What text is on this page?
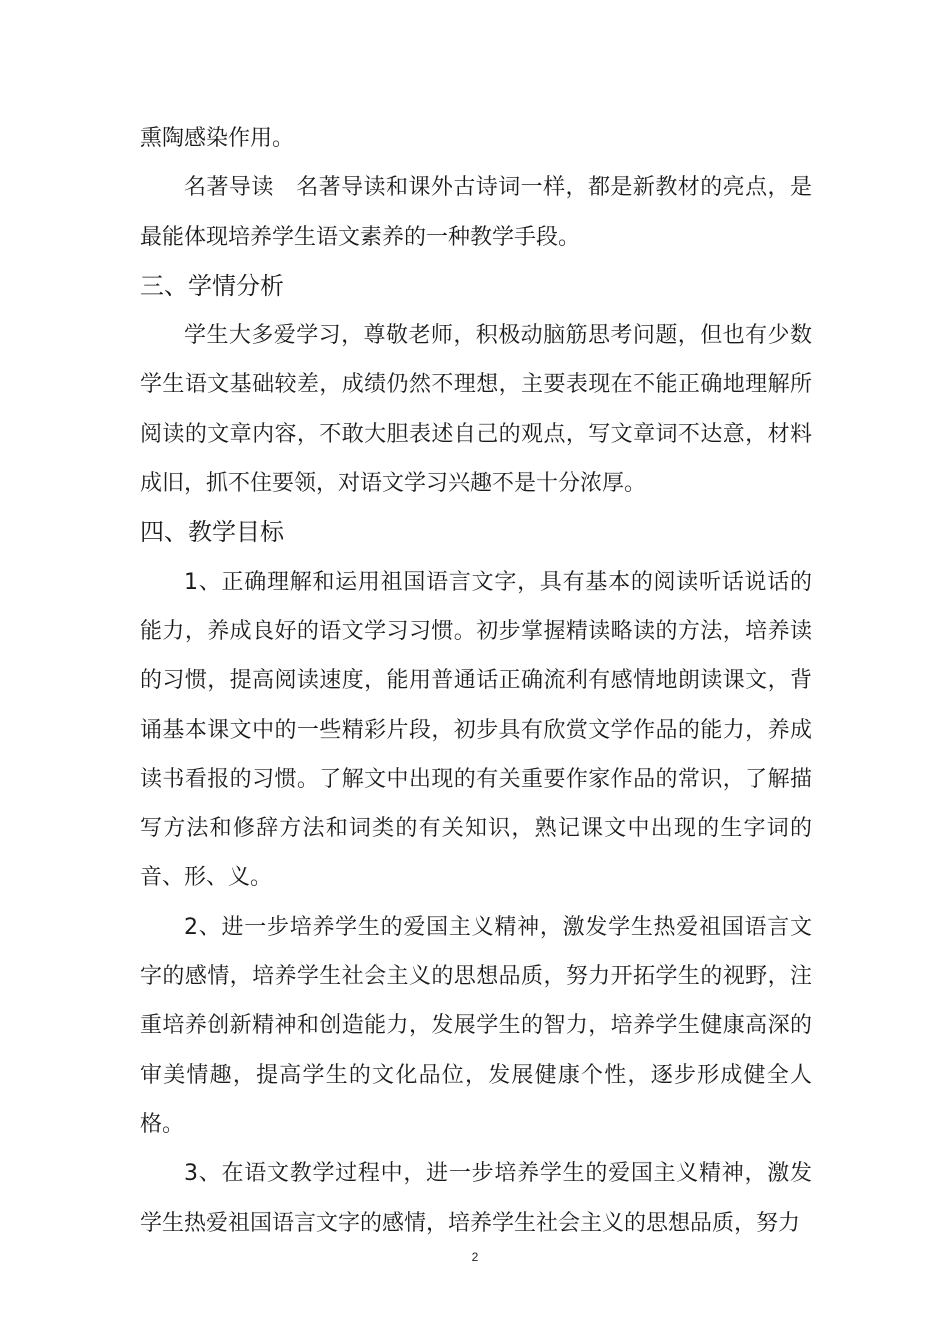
熏陶感染作用。

名著导读 名著导读和课外古诗词一样，都是新教材的亮点，是最能体现培养学生语文素养的一种教学手段。

三、学情分析

学生大多爱学习，尊敬老师，积极动脑筋思考问题，但也有少数学生语文基础较差，成绩仍然不理想，主要表现在不能正确地理解所阅读的文章内容，不敢大胆表述自己的观点，写文章词不达意，材料成旧，抓不住要领，对语文学习兴趣不是十分浓厚。

四、教学目标

1、正确理解和运用祖国语言文字，具有基本的阅读听话说话的能力，养成良好的语文学习习惯。初步掌握精读略读的方法，培养读的习惯，提高阅读速度，能用普通话正确流利有感情地朗读课文，背诵基本课文中的一些精彩片段，初步具有欣赏文学作品的能力，养成读书看报的习惯。了解文中出现的有关重要作家作品的常识，了解描写方法和修辞方法和词类的有关知识，熟记课文中出现的生字词的音、形、义。

2、进一步培养学生的爱国主义精神，激发学生热爱祖国语言文字的感情，培养学生社会主义的思想品质，努力开拓学生的视野，注重培养创新精神和创造能力，发展学生的智力，培养学生健康高深的审美情趣，提高学生的文化品位，发展健康个性，逐步形成健全人格。

3、在语文教学过程中，进一步培养学生的爱国主义精神，激发学生热爱祖国语言文字的感情，培养学生社会主义的思想品质，努力

2
